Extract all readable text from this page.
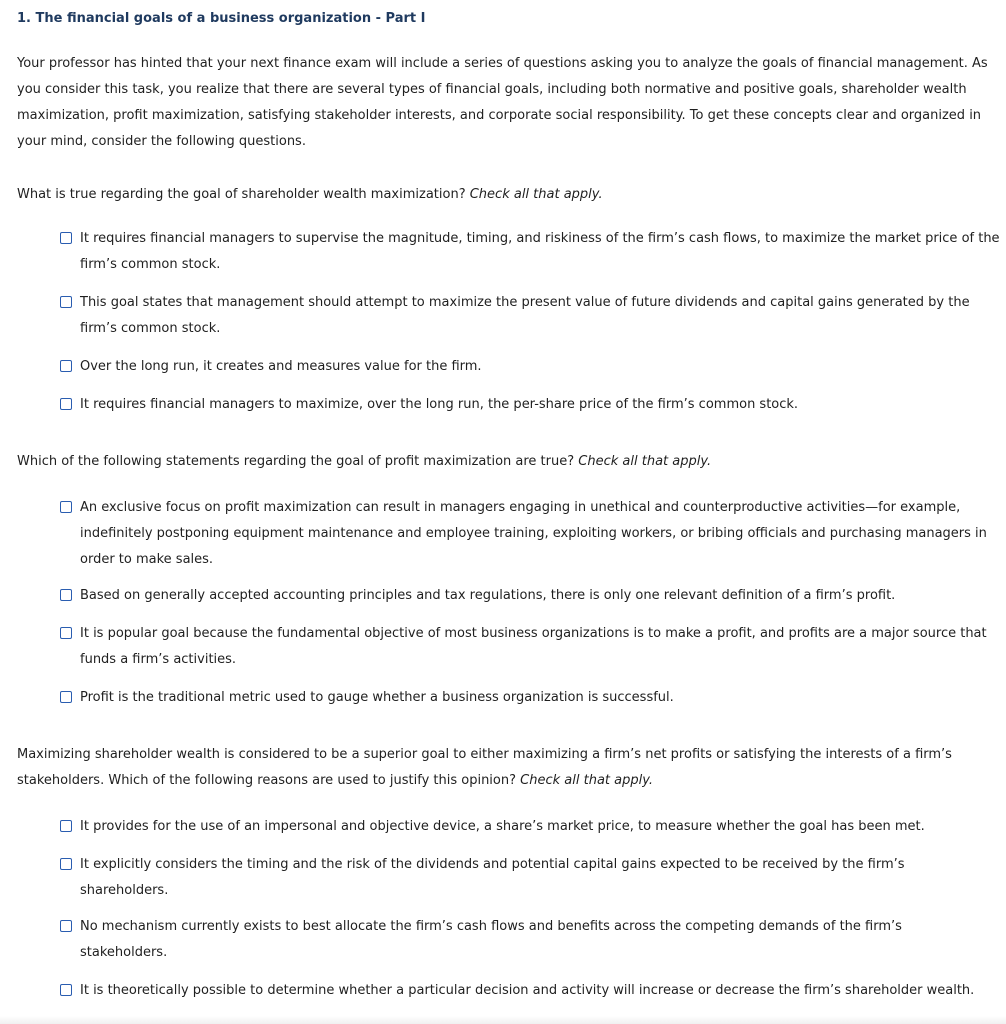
1. The financial goals of a business organization - Part I

Your professor has hinted that your next finance exam will include a series of questions asking you to analyze the goals of financial management. As you consider this task, you realize that there are several types of financial goals, including both normative and positive goals, shareholder wealth maximization, profit maximization, satisfying stakeholder interests, and corporate social responsibility. To get these concepts clear and organized in your mind, consider the following questions.

What is true regarding the goal of shareholder wealth maximization? Check all that apply.

It requires financial managers to supervise the magnitude, timing, and riskiness of the firm’s cash flows, to maximize the market price of the firm’s common stock.
This goal states that management should attempt to maximize the present value of future dividends and capital gains generated by the firm’s common stock.
Over the long run, it creates and measures value for the firm.
It requires financial managers to maximize, over the long run, the per-share price of the firm’s common stock.

Which of the following statements regarding the goal of profit maximization are true? Check all that apply.

An exclusive focus on profit maximization can result in managers engaging in unethical and counterproductive activities—for example, indefinitely postponing equipment maintenance and employee training, exploiting workers, or bribing officials and purchasing managers in order to make sales.
Based on generally accepted accounting principles and tax regulations, there is only one relevant definition of a firm’s profit.
It is popular goal because the fundamental objective of most business organizations is to make a profit, and profits are a major source that funds a firm’s activities.
Profit is the traditional metric used to gauge whether a business organization is successful.

Maximizing shareholder wealth is considered to be a superior goal to either maximizing a firm’s net profits or satisfying the interests of a firm’s stakeholders. Which of the following reasons are used to justify this opinion? Check all that apply.

It provides for the use of an impersonal and objective device, a share’s market price, to measure whether the goal has been met.
It explicitly considers the timing and the risk of the dividends and potential capital gains expected to be received by the firm’s shareholders.
No mechanism currently exists to best allocate the firm’s cash flows and benefits across the competing demands of the firm’s stakeholders.
It is theoretically possible to determine whether a particular decision and activity will increase or decrease the firm’s shareholder wealth.
